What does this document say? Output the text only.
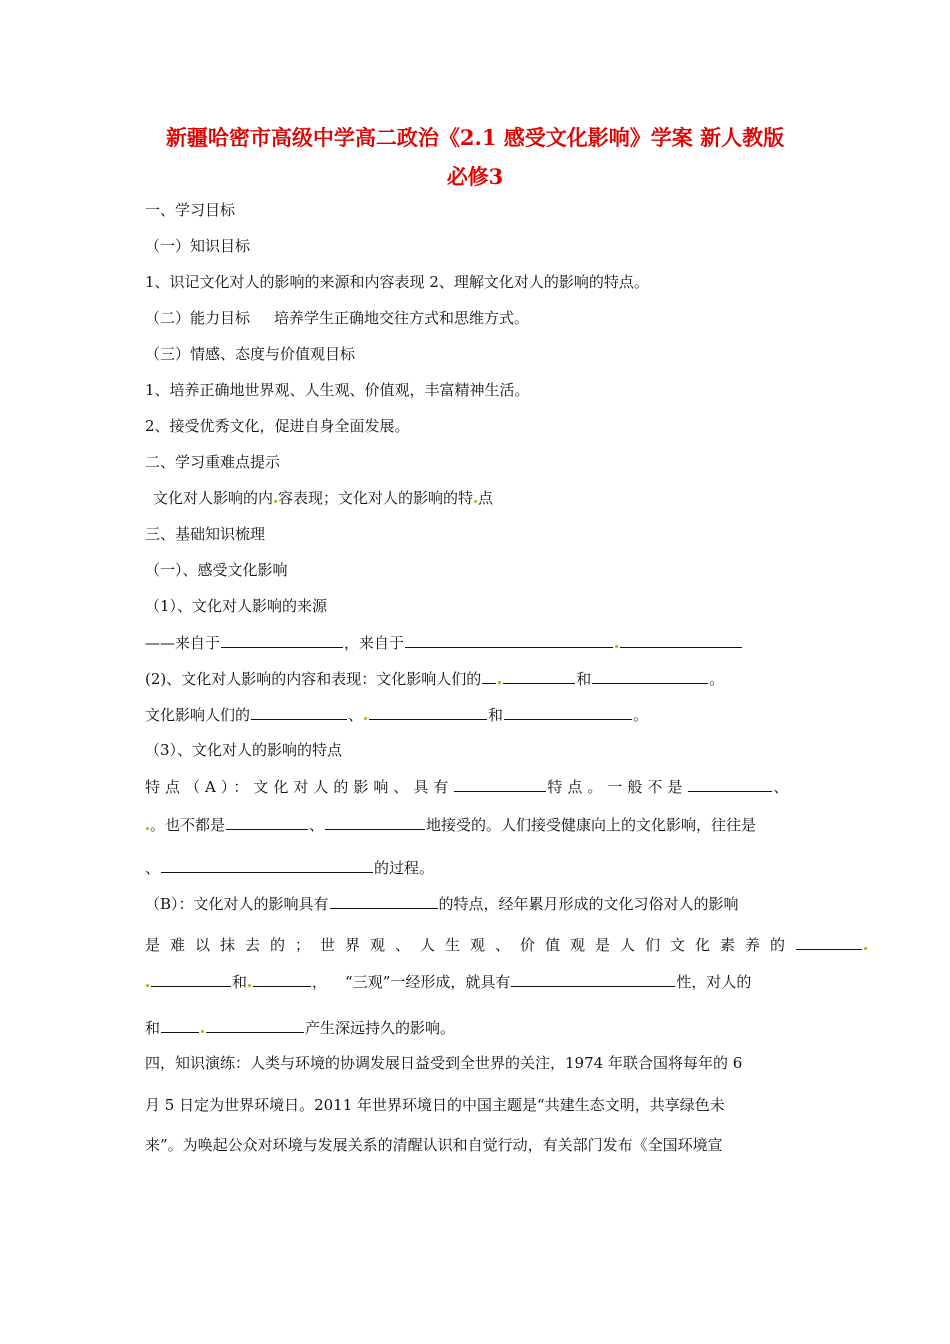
新疆哈密市高级中学高二政治《2.1 感受文化影响》学案 新人教版
必修3
一、学习目标
（一）知识目标
1、识记文化对人的影响的来源和内容表现 2、理解文化对人的影响的特点。
（二）能力目标 培养学生正确地交往方式和思维方式。
（三）情感、态度与价值观目标
1、培养正确地世界观、人生观、价值观，丰富精神生活。
2、接受优秀文化，促进自身全面发展。
二、学习重难点提示
文化对人影响的内 容表现；文化对人的影响的特 点
三、基础知识梳理
（一）、感受文化影响
（1）、文化对人影响的来源
——来自于	，来自于
(2)、文化对人影响的内容和表现：文化影响人们的	和	。
文化影响人们的	、	和	。
（3）、文化对人的影响的特点
特点（A）：文化对人的影响、具有	特点。一般不是	、
。也不都是	、	地接受的。人们接受健康向上的文化影响，往往是
、	的过程。
（B）：文化对人的影响具有	的特点，经年累月形成的文化习俗对人的影响
是难以抹去的；世界观、人生观、价值观是人们文化素养的
和	， “三观”一经形成，就具有	性，对人的
和	产生深远持久的影响。
四，知识演练：人类与环境的协调发展日益受到全世界的关注，1974 年联合国将每年的 6
月 5 日定为世界环境日。2011 年世界环境日的中国主题是“共建生态文明，共享绿色未
来”。为唤起公众对环境与发展关系的清醒认识和自觉行动，有关部门发布《全国环境宣
